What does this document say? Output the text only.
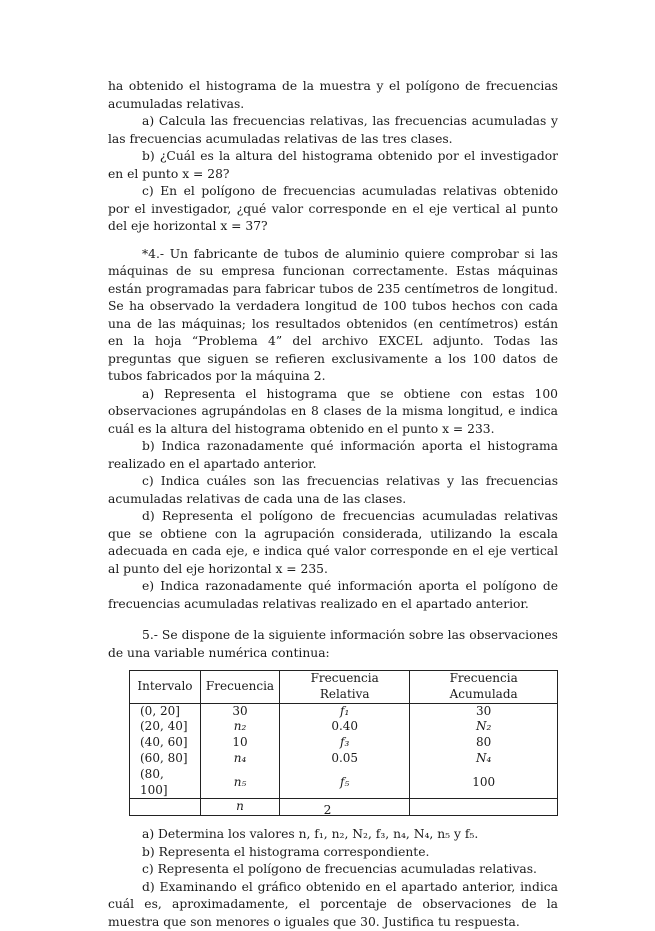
ha obtenido el histograma de la muestra y el polígono de frecuencias acumuladas relativas.

a) Calcula las frecuencias relativas, las frecuencias acumuladas y las frecuencias acumuladas relativas de las tres clases.

b) ¿Cuál es la altura del histograma obtenido por el investigador en el punto x = 28?

c) En el polígono de frecuencias acumuladas relativas obtenido por el investigador, ¿qué valor corresponde en el eje vertical al punto del eje horizontal x = 37?

*4.- Un fabricante de tubos de aluminio quiere comprobar si las máquinas de su empresa funcionan correctamente. Estas máquinas están programadas para fabricar tubos de 235 centímetros de longitud. Se ha observado la verdadera longitud de 100 tubos hechos con cada una de las máquinas; los resultados obtenidos (en centímetros) están en la hoja “Problema 4” del archivo EXCEL adjunto. Todas las preguntas que siguen se refieren exclusivamente a los 100 datos de tubos fabricados por la máquina 2.

a) Representa el histograma que se obtiene con estas 100 observaciones agrupándolas en 8 clases de la misma longitud, e indica cuál es la altura del histograma obtenido en el punto x = 233.

b) Indica razonadamente qué información aporta el histograma realizado en el apartado anterior.

c) Indica cuáles son las frecuencias relativas y las frecuencias acumuladas relativas de cada una de las clases.

d) Representa el polígono de frecuencias acumuladas relativas que se obtiene con la agrupación considerada, utilizando la escala adecuada en cada eje, e indica qué valor corresponde en el eje vertical al punto del eje horizontal x = 235.

e) Indica razonadamente qué información aporta el polígono de frecuencias acumuladas relativas realizado en el apartado anterior.

5.- Se dispone de la siguiente información sobre las observaciones de una variable numérica continua:

Intervalo	Frecuencia	Frecuencia Relativa	Frecuencia Acumulada
(0, 20]	30	f₁	30
(20, 40]	n₂	0.40	N₂
(40, 60]	10	f₃	80
(60, 80]	n₄	0.05	N₄
(80, 100]	n₅	f₅	100
	n		

a) Determina los valores n, f₁, n₂, N₂, f₃, n₄, N₄, n₅ y f₅.

b) Representa el histograma correspondiente.

c) Representa el polígono de frecuencias acumuladas relativas.

d) Examinando el gráfico obtenido en el apartado anterior, indica cuál es, aproximadamente, el porcentaje de observaciones de la muestra que son menores o iguales que 30. Justifica tu respuesta.

2
